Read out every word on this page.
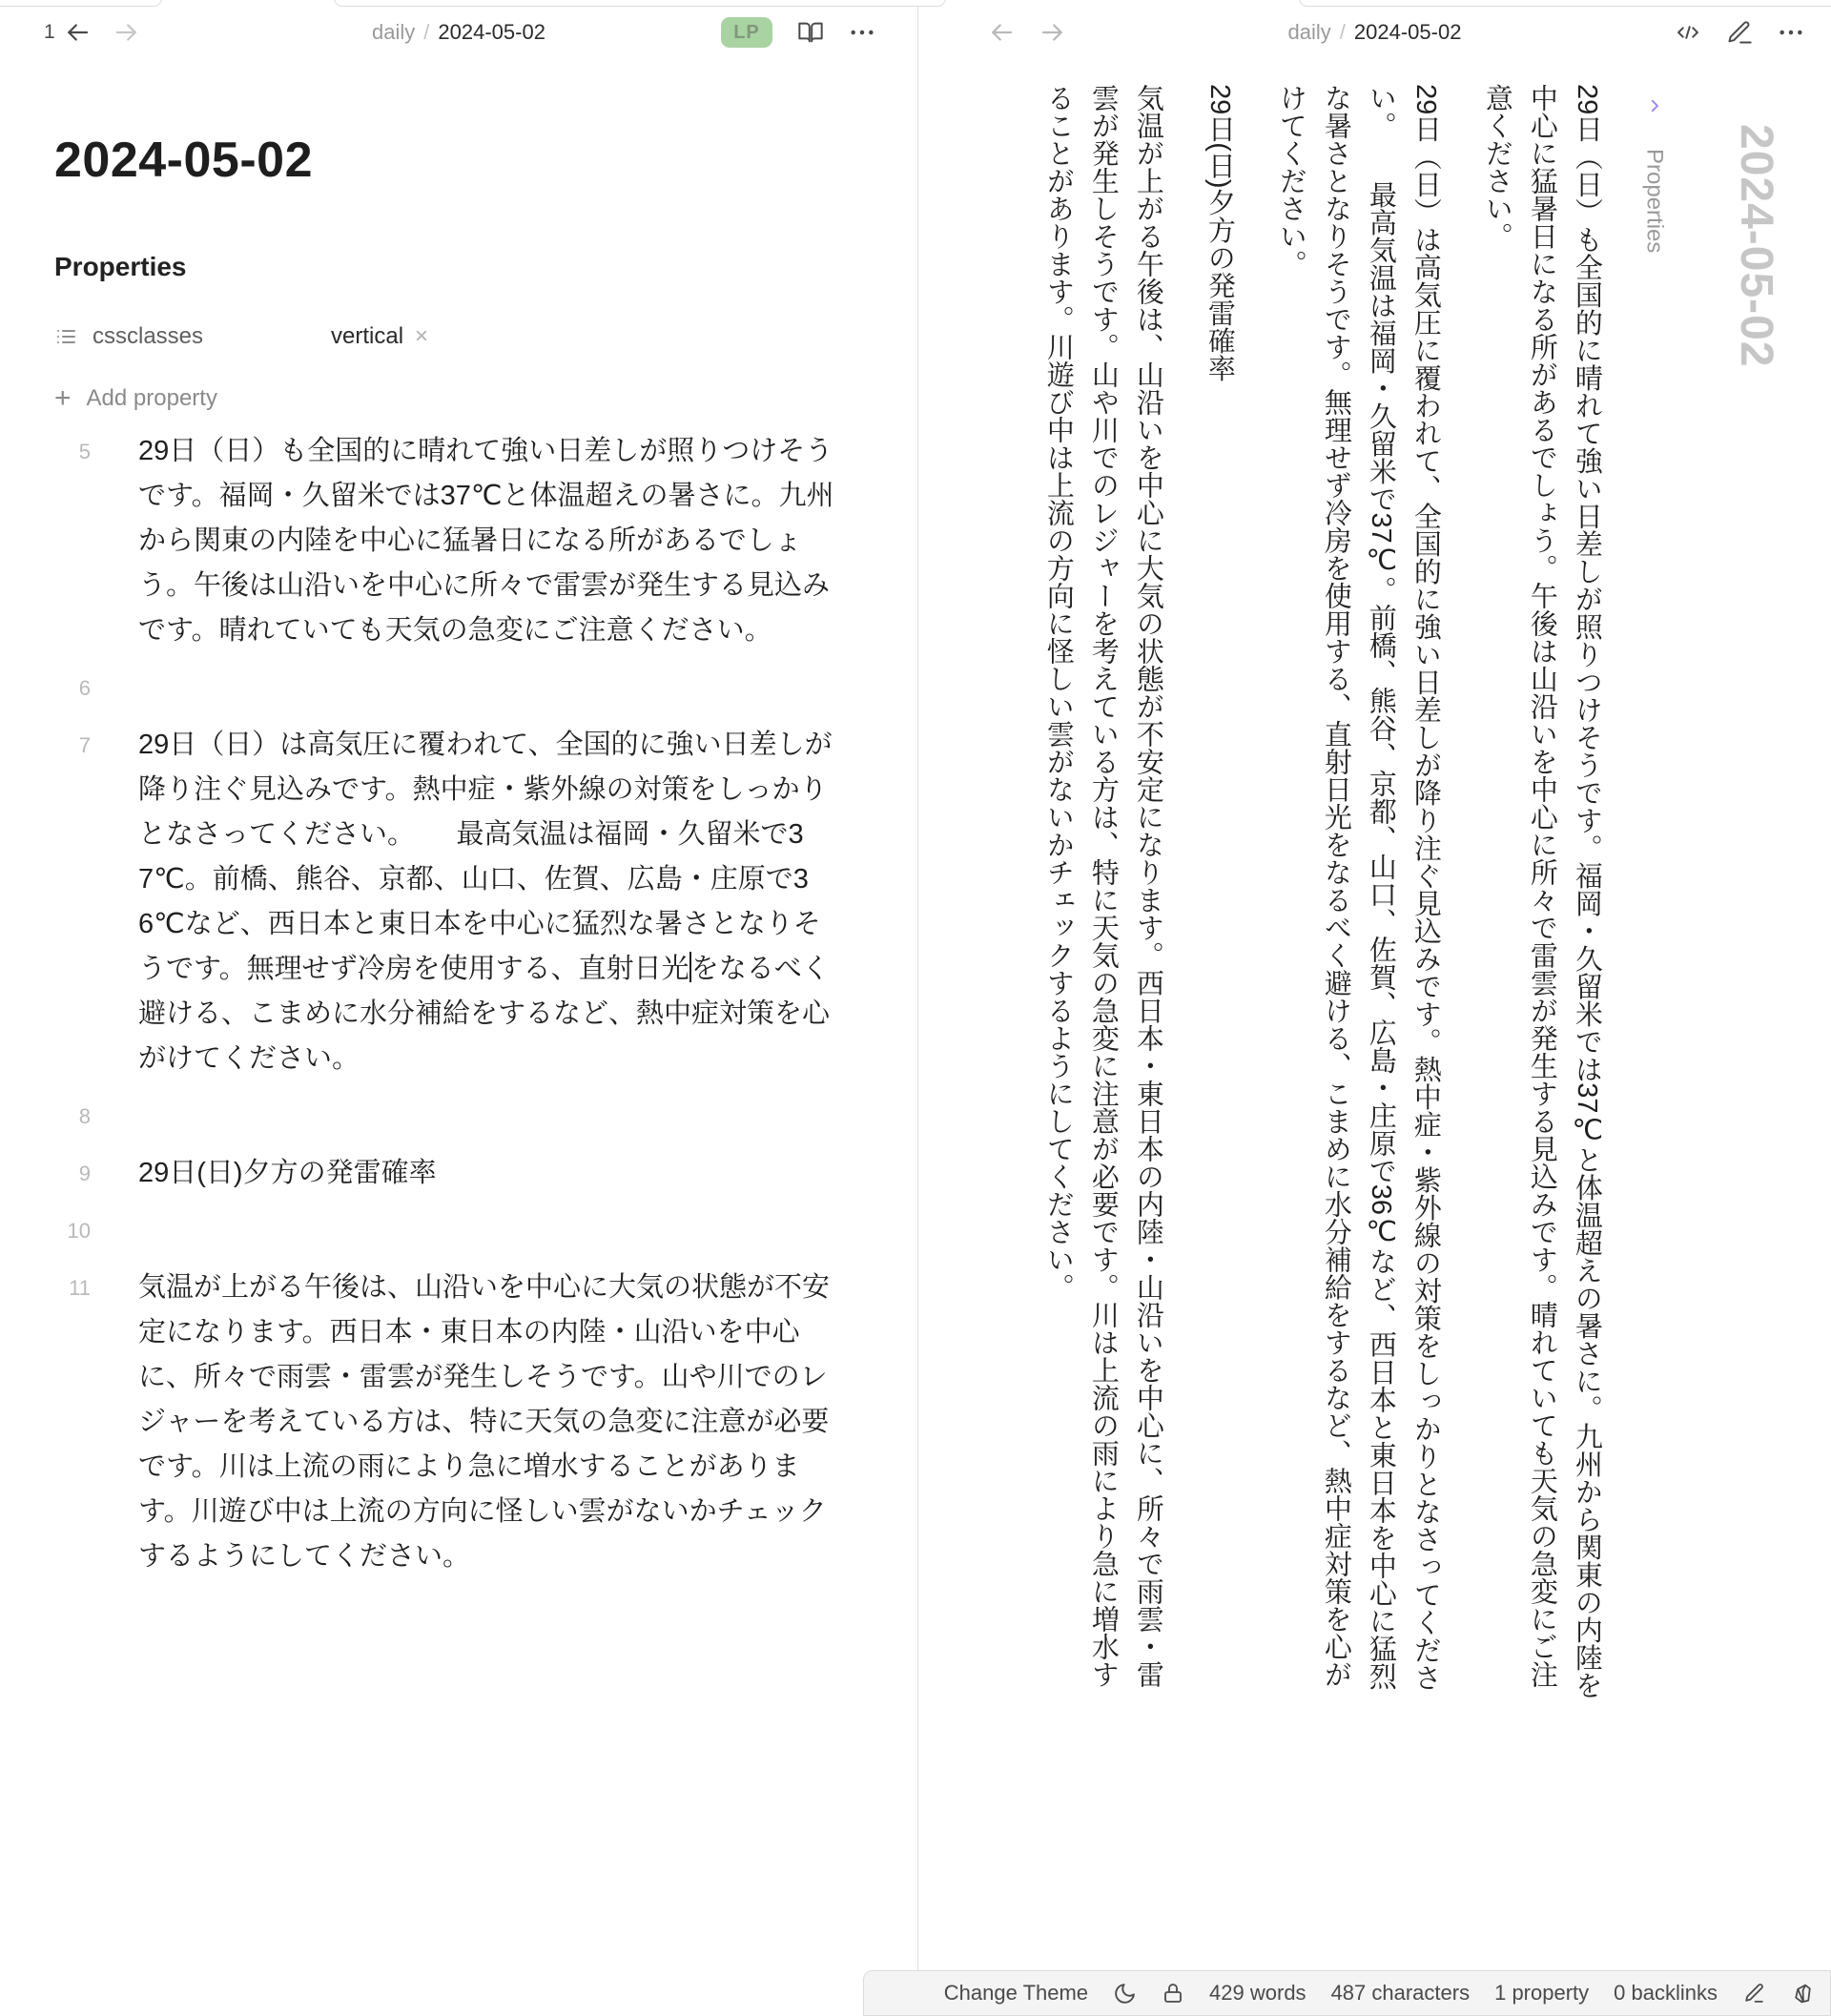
daily / 2024-05-02
1	LP
2024-05-02
Properties
cssclasses	vertical ×
+ Add property
5 29日（日）も全国的に晴れて強い日差しが照りつけそうです。福岡・久留米では37℃と体温超えの暑さに。九州から関東の内陸を中心に猛暑日になる所があるでしょう。午後は山沿いを中心に所々で雷雲が発生する見込みです。晴れていても天気の急変にご注意ください。
6
7 29日（日）は高気圧に覆われて、全国的に強い日差しが降り注ぐ見込みです。熱中症・紫外線の対策をしっかりとなさってください。　　最高気温は福岡・久留米で37℃。前橋、熊谷、京都、山口、佐賀、広島・庄原で36℃など、西日本と東日本を中心に猛烈な暑さとなりそうです。無理せず冷房を使用する、直射日光をなるべく避ける、こまめに水分補給をするなど、熱中症対策を心がけてください。
8
9 29日(日)夕方の発雷確率
10
11 気温が上がる午後は、山沿いを中心に大気の状態が不安定になります。西日本・東日本の内陸・山沿いを中心に、所々で雨雲・雷雲が発生しそうです。山や川でのレジャーを考えている方は、特に天気の急変に注意が必要です。川は上流の雨により急に増水することがあります。川遊び中は上流の方向に怪しい雲がないかチェックするようにしてください。
daily / 2024-05-02
2024-05-02
Properties

29日（日）も全国的に晴れて強い日差しが照りつけそうです。福岡・久留米では37℃と体温超えの暑さに。九州から関東の内陸を中心に猛暑日になる所があるでしょう。午後は山沿いを中心に所々で雷雲が発生する見込みです。晴れていても天気の急変にご注意ください。

29日（日）は高気圧に覆われて、全国的に強い日差しが降り注ぐ見込みです。熱中症・紫外線の対策をしっかりとなさってください。　　最高気温は福岡・久留米で37℃。前橋、熊谷、京都、山口、佐賀、広島・庄原で36℃など、西日本と東日本を中心に猛烈な暑さとなりそうです。無理せず冷房を使用する、直射日光をなるべく避ける、こまめに水分補給をするなど、熱中症対策を心がけてください。

29日(日)夕方の発雷確率

気温が上がる午後は、山沿いを中心に大気の状態が不安定になります。西日本・東日本の内陸・山沿いを中心に、所々で雨雲・雷雲が発生しそうです。山や川でのレジャーを考えている方は、特に天気の急変に注意が必要です。川は上流の雨により急に増水することがあります。川遊び中は上流の方向に怪しい雲がないかチェックするようにしてください。

Change Theme	429 words 487 characters 1 property 0 backlinks
